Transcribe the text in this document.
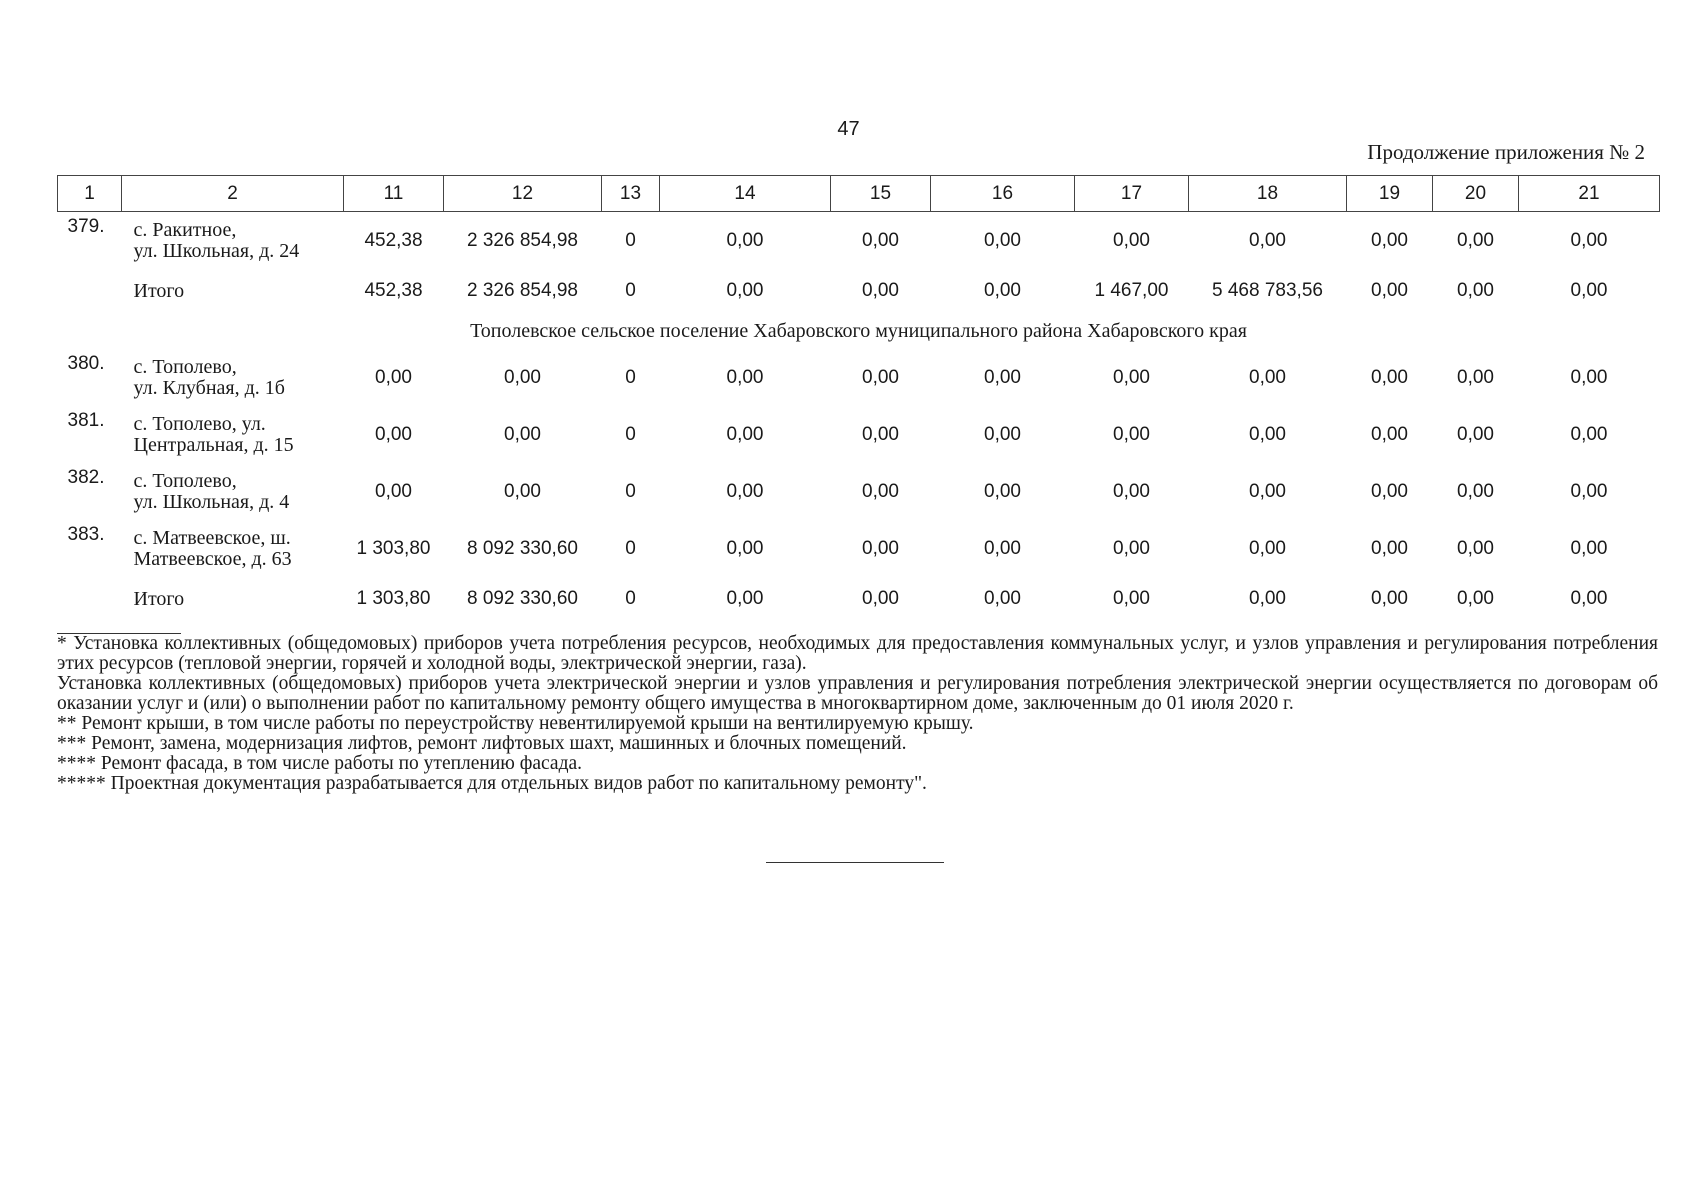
47
Продолжение приложения № 2
1	2	11	12	13	14	15	16	17	18	19	20	21
379.	с. Ракитное,
ул. Школьная, д. 24	452,38	2 326 854,98	0	0,00	0,00	0,00	0,00	0,00	0,00	0,00	0,00
	Итого	452,38	2 326 854,98	0	0,00	0,00	0,00	1 467,00	5 468 783,56	0,00	0,00	0,00
Тополевское сельское поселение Хабаровского муниципального района Хабаровского края												
380.	с. Тополево,
ул. Клубная, д. 1б	0,00	0,00	0	0,00	0,00	0,00	0,00	0,00	0,00	0,00	0,00
381.	с. Тополево, ул.
Центральная, д. 15	0,00	0,00	0	0,00	0,00	0,00	0,00	0,00	0,00	0,00	0,00
382.	с. Тополево,
ул. Школьная, д. 4	0,00	0,00	0	0,00	0,00	0,00	0,00	0,00	0,00	0,00	0,00
383.	с. Матвеевское, ш.
Матвеевское, д. 63	1 303,80	8 092 330,60	0	0,00	0,00	0,00	0,00	0,00	0,00	0,00	0,00
	Итого	1 303,80	8 092 330,60	0	0,00	0,00	0,00	0,00	0,00	0,00	0,00	0,00

* Установка коллективных (общедомовых) приборов учета потребления ресурсов, необходимых для предоставления коммунальных услуг, и узлов управления и регулирования потребления этих ресурсов (тепловой энергии, горячей и холодной воды, электрической энергии, газа).

Установка коллективных (общедомовых) приборов учета электрической энергии и узлов управления и регулирования потребления электрической энергии осуществляется по договорам об оказании услуг и (или) о выполнении работ по капитальному ремонту общего имущества в многоквартирном доме, заключенным до 01 июля 2020 г.

** Ремонт крыши, в том числе работы по переустройству невентилируемой крыши на вентилируемую крышу.

*** Ремонт, замена, модернизация лифтов, ремонт лифтовых шахт, машинных и блочных помещений.

**** Ремонт фасада, в том числе работы по утеплению фасада.

***** Проектная документация разрабатывается для отдельных видов работ по капитальному ремонту".
